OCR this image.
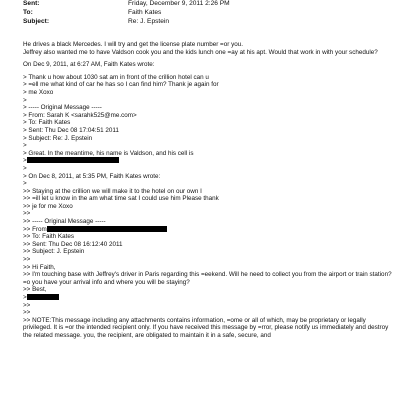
Sent:	Friday, December 9, 2011 2:26 PM
To:	Faith Kates
Subject:	Re: J. Epstein
He drives a black Mercedes. I will try and get the license plate number =or you.
Jeffrey also wanted me to have Valdson cook you and the kids lunch one =ay at his apt. Would that work in with your schedule?
On Dec 9, 2011, at 6:27 AM, Faith Kates wrote:
> Thank u how about 1030 sat am in front of the crillion hotel can u
> =ell me what kind of car he has so I can find him? Thank je again for
> me Xoxo
>
> ----- Original Message -----
> From: Sarah K <sarahk525@me.com>
> To: Faith Kates
> Sent: Thu Dec 08 17:04:51 2011
> Subject: Re: J. Epstein
>
> Great. In the meantime, his name is Valdson, and his cell is
>
>
> On Dec 8, 2011, at 5:35 PM, Faith Kates wrote:
>
>> Staying at the crillion we will make it to the hotel on our own I
>> =ill let u know in the am what time sat I could use him Please thank
>> je for me Xoxo
>>
>> ----- Original Message -----
>> From
>> To: Faith Kates
>> Sent: Thu Dec 08 16:12:40 2011
>> Subject: J. Epstein
>>
>> Hi Faith,
>> I'm touching base with Jeffrey's driver in Paris regarding this =eekend. Will he need to collect you from the airport or train station? =o you have your arrival info and where you will be staying?
>> Best,
>
>>
>>
>> NOTE:This message including any attachments contains information, =ome or all of which, may be proprietary or legally privileged. It is =or the intended recipient only. If you have received this message by =rror, please notify us immediately and destroy the related message. you, the recipient, are obligated to maintain it in a safe, secure, and
